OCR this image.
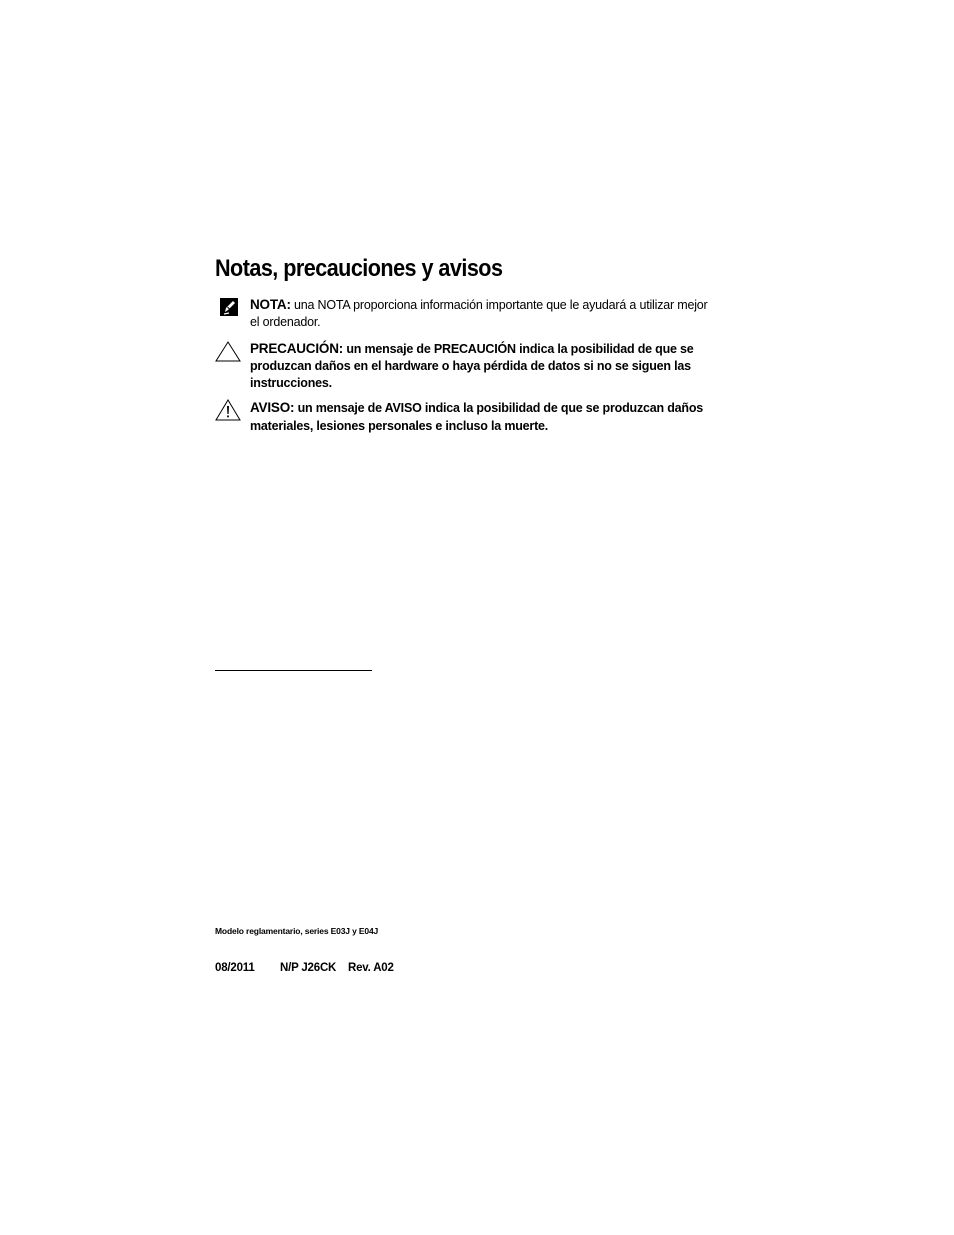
Notas, precauciones y avisos
NOTA: una NOTA proporciona información importante que le ayudará a utilizar mejor el ordenador.
PRECAUCIÓN: un mensaje de PRECAUCIÓN indica la posibilidad de que se produzcan daños en el hardware o haya pérdida de datos si no se siguen las instrucciones.
AVISO: un mensaje de AVISO indica la posibilidad de que se produzcan daños materiales, lesiones personales e incluso la muerte.
Modelo reglamentario, series E03J y E04J
08/2011 N/P J26CK Rev. A02
